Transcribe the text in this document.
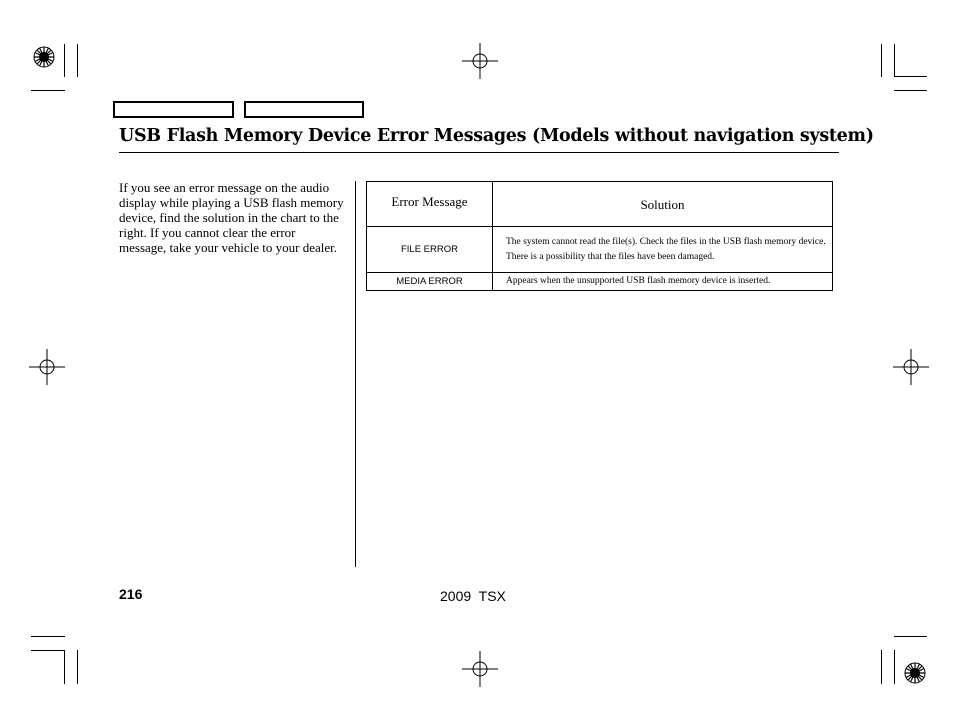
USB Flash Memory Device Error Messages (Models without navigation system)
If you see an error message on the audio display while playing a USB flash memory device, find the solution in the chart to the right. If you cannot clear the error message, take your vehicle to your dealer.
Error Message	Solution
FILE ERROR	The system cannot read the file(s). Check the files in the USB flash memory device. There is a possibility that the files have been damaged.
MEDIA ERROR	Appears when the unsupported USB flash memory device is inserted.
216	2009  TSX
